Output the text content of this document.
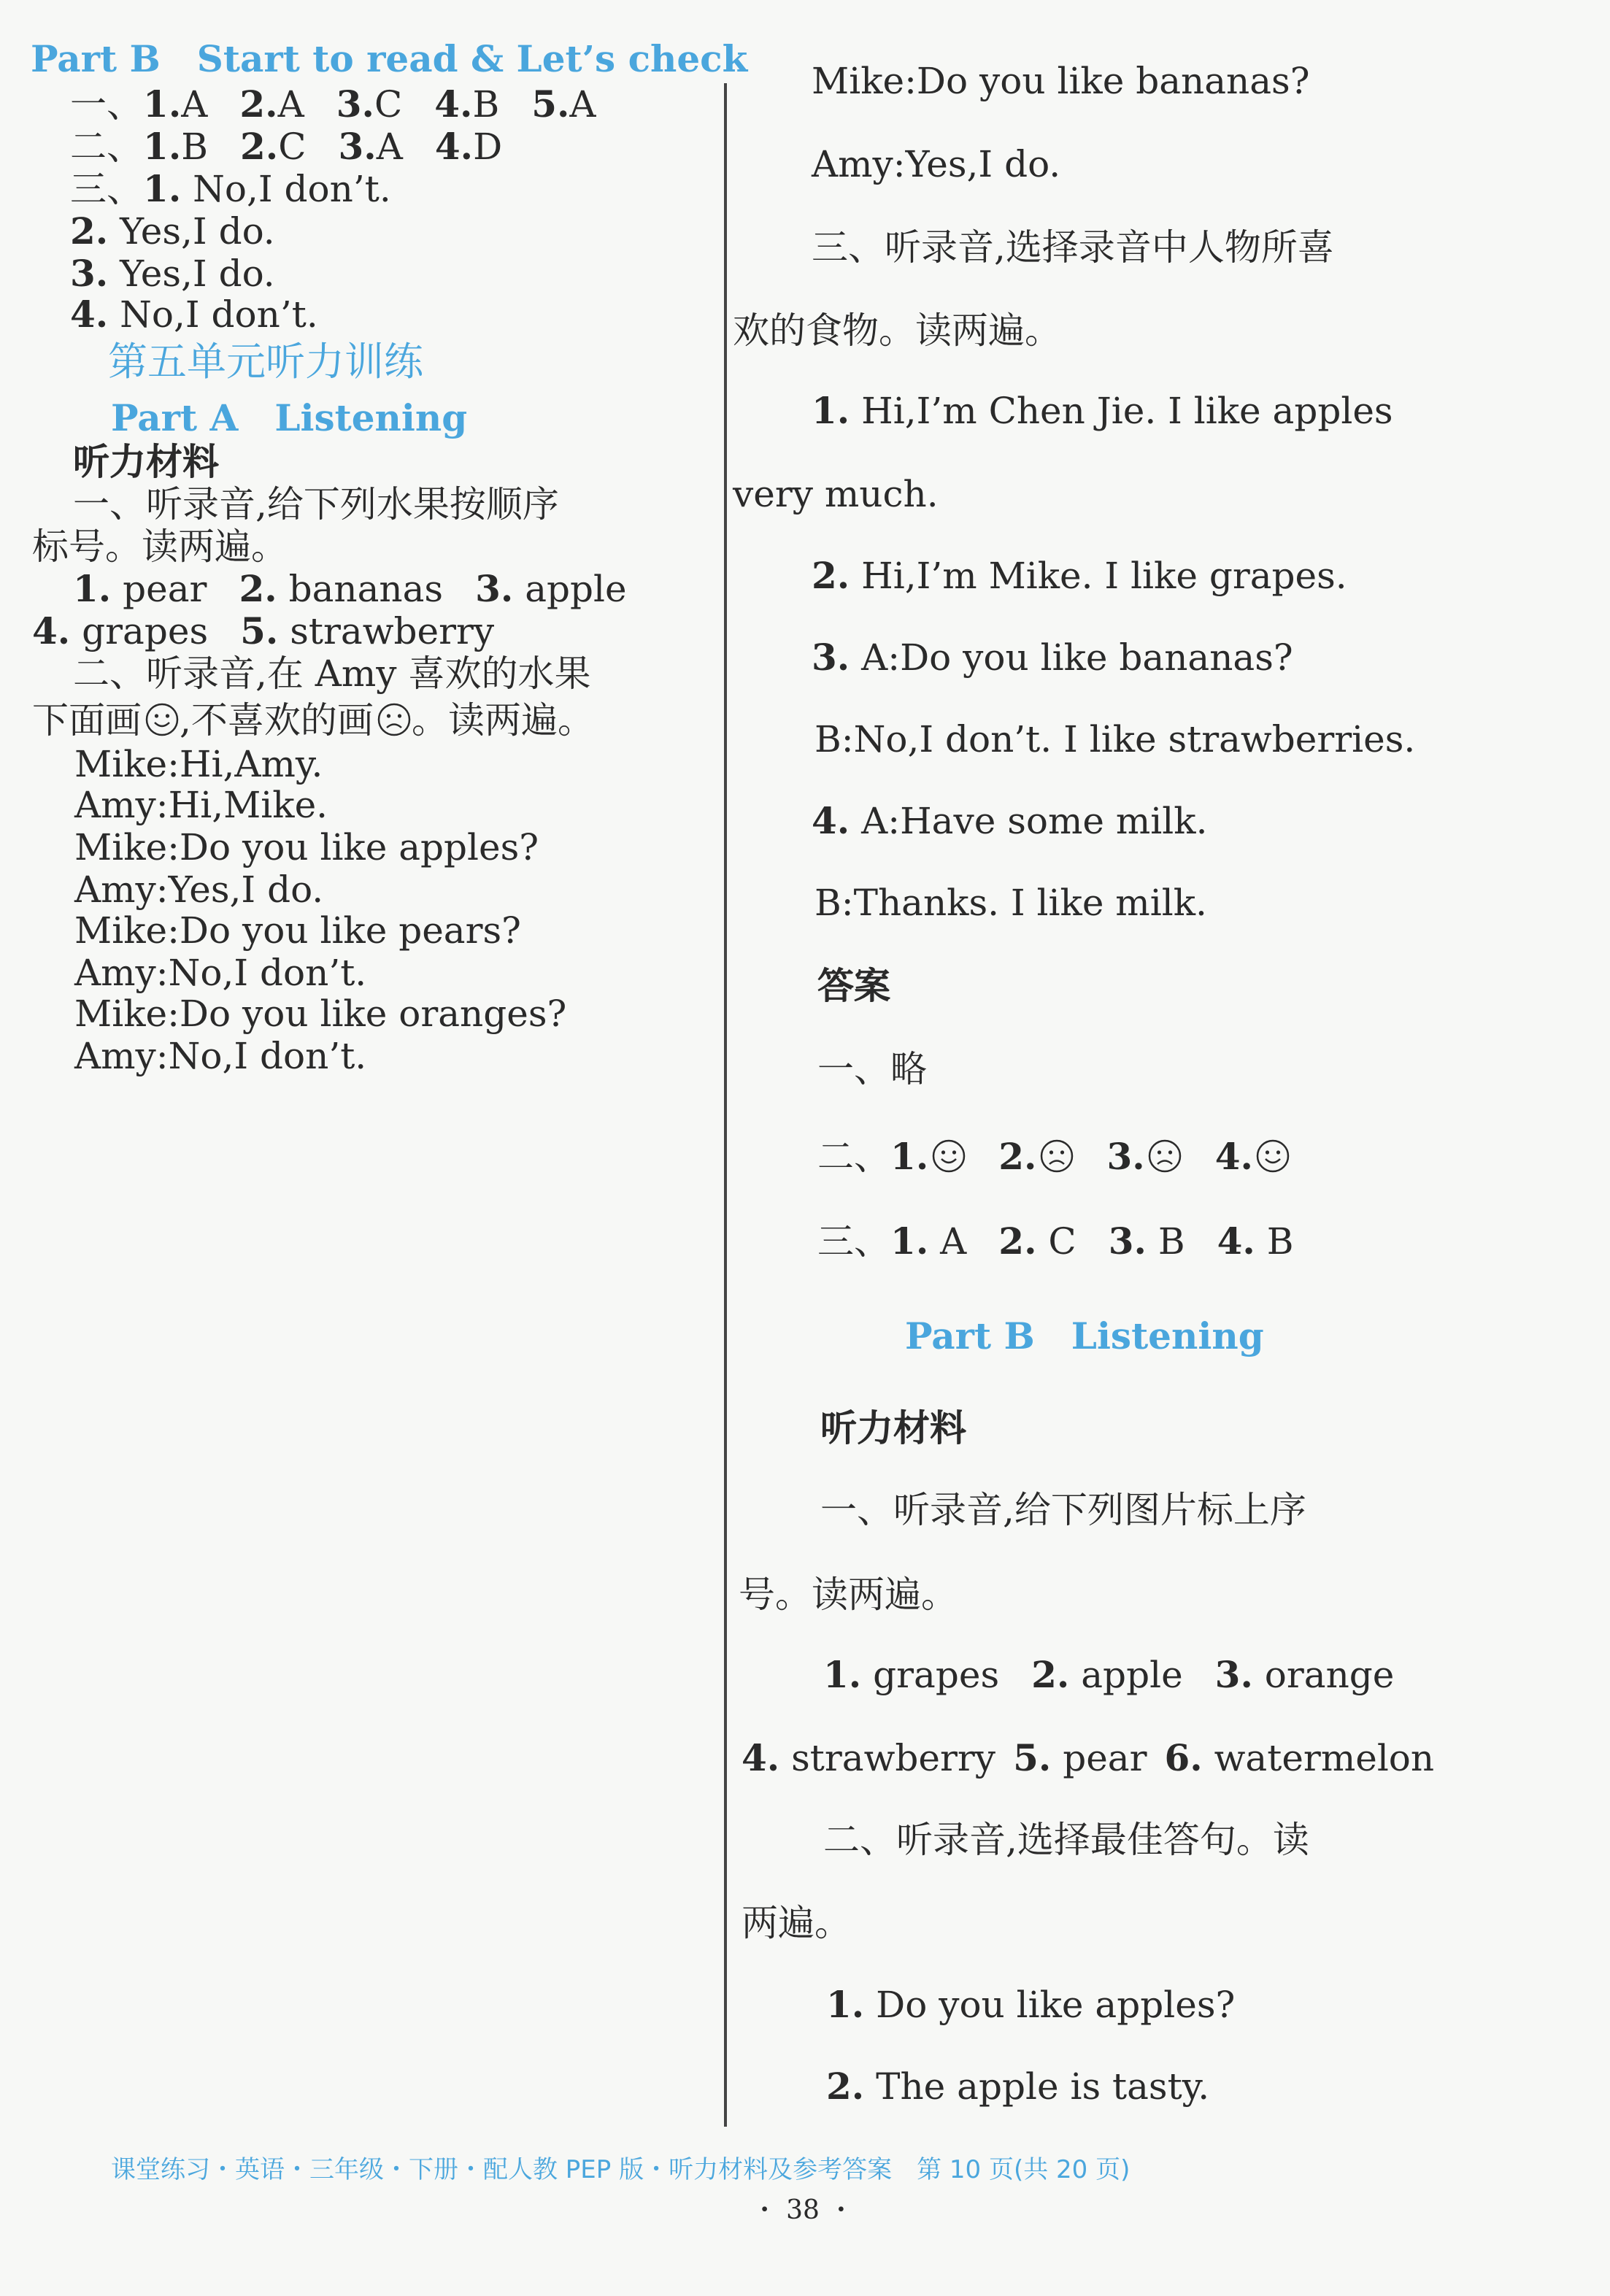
Part B Start to read & Let’s check
一、1.A 2.A 3.C 4.B 5.A
二、1.B 2.C 3.A 4.D
三、1. No,I don’t.
2. Yes,I do.
3. Yes,I do.
4. No,I don’t.
第五单元听力训练
Part A Listening
听力材料
一、听录音,给下列水果按顺序
标号。读两遍。
1. pear 2. bananas 3. apple
4. grapes 5. strawberry
二、听录音,在 Amy 喜欢的水果
下面画 ,不喜欢的画 。读两遍。
Mike:Hi,Amy.
Amy:Hi,Mike.
Mike:Do you like apples?
Amy:Yes,I do.
Mike:Do you like pears?
Amy:No,I don’t.
Mike:Do you like oranges?
Amy:No,I don’t.
Mike:Do you like bananas?
Amy:Yes,I do.
三、听录音,选择录音中人物所喜
欢的食物。读两遍。
1. Hi,I’m Chen Jie. I like apples
very much.
2. Hi,I’m Mike. I like grapes.
3. A:Do you like bananas?
B:No,I don’t. I like strawberries.
4. A:Have some milk.
B:Thanks. I like milk.
答案
一、略
二、1.	2.	3.	4.
三、1. A 2. C 3. B 4. B
Part B Listening
听力材料
一、听录音,给下列图片标上序
号。读两遍。
1. grapes 2. apple 3. orange
4. strawberry 5. pear 6. watermelon
二、听录音,选择最佳答句。读
两遍。
1. Do you like apples?
2. The apple is tasty.
课堂练习・英语・三年级・下册・配人教 PEP 版・听力材料及参考答案　第 10 页(共 20 页)
・ 38 ・
